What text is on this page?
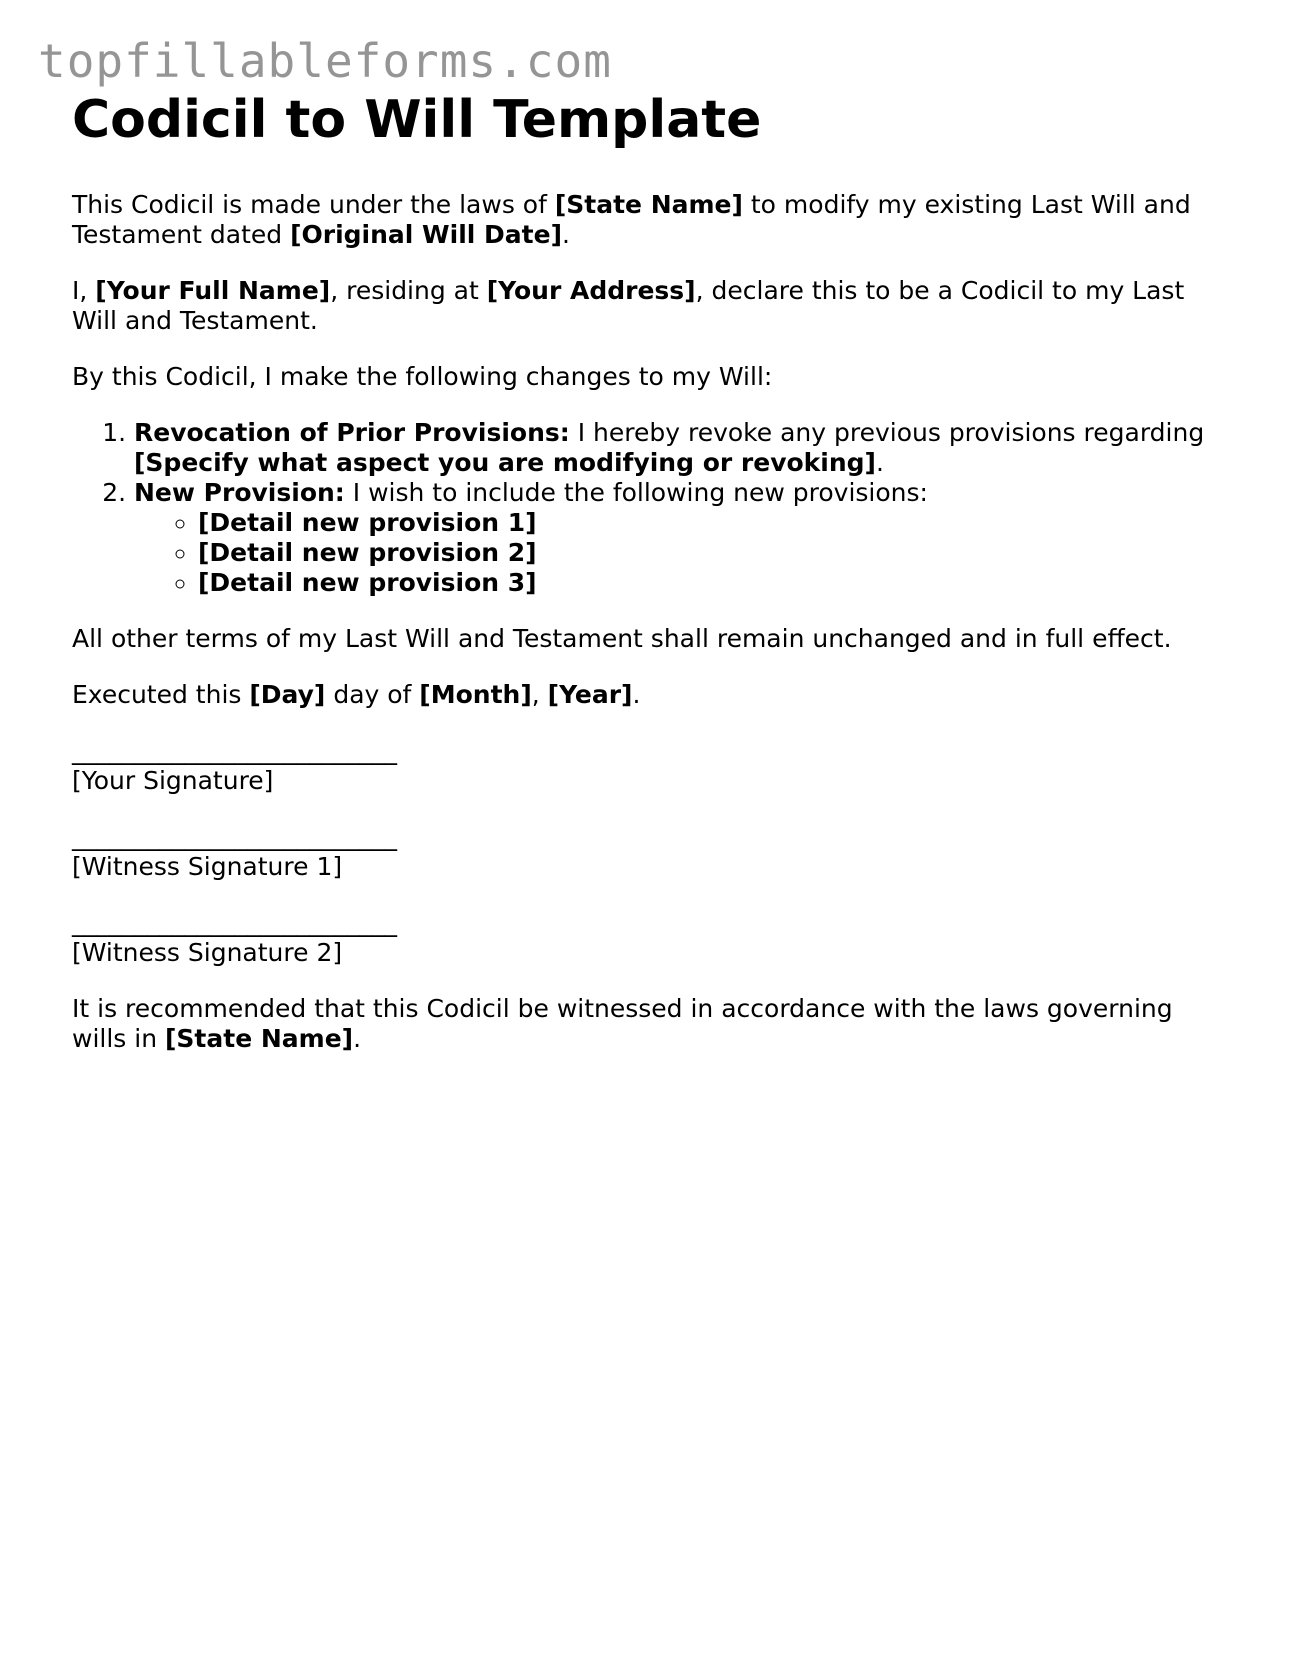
topfillableforms.com
Codicil to Will Template

This Codicil is made under the laws of [State Name] to modify my existing Last Will and Testament dated [Original Will Date].

I, [Your Full Name], residing at [Your Address], declare this to be a Codicil to my Last Will and Testament.

By this Codicil, I make the following changes to my Will:

1. Revocation of Prior Provisions: I hereby revoke any previous provisions regarding [Specify what aspect you are modifying or revoking].
2. New Provision: I wish to include the following new provisions:
◦ [Detail new provision 1]
◦ [Detail new provision 2]
◦ [Detail new provision 3]

All other terms of my Last Will and Testament shall remain unchanged and in full effect.

Executed this [Day] day of [Month], [Year].

__________________________
[Your Signature]
__________________________
[Witness Signature 1]
__________________________
[Witness Signature 2]

It is recommended that this Codicil be witnessed in accordance with the laws governing wills in [State Name].
